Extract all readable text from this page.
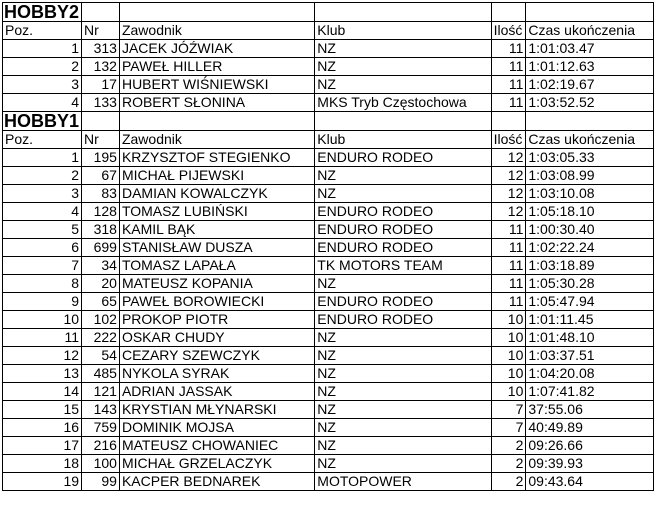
HOBBY2					
Poz.	Nr	Zawodnik	Klub	Ilość	Czas ukończenia
1	313	JACEK JÓŹWIAK	NZ	11	1:01:03.47
2	132	PAWEŁ HILLER	NZ	11	1:01:12.63
3	17	HUBERT WIŚNIEWSKI	NZ	11	1:02:19.67
4	133	ROBERT SŁONINA	MKS Tryb Częstochowa	11	1:03:52.52
HOBBY1					
Poz.	Nr	Zawodnik	Klub	Ilość	Czas ukończenia
1	195	KRZYSZTOF STEGIENKO	ENDURO RODEO	12	1:03:05.33
2	67	MICHAŁ PIJEWSKI	NZ	12	1:03:08.99
3	83	DAMIAN KOWALCZYK	NZ	12	1:03:10.08
4	128	TOMASZ LUBIŃSKI	ENDURO RODEO	12	1:05:18.10
5	318	KAMIL BĄK	ENDURO RODEO	11	1:00:30.40
6	699	STANISŁAW DUSZA	ENDURO RODEO	11	1:02:22.24
7	34	TOMASZ LAPAŁA	TK MOTORS TEAM	11	1:03:18.89
8	20	MATEUSZ KOPANIA	NZ	11	1:05:30.28
9	65	PAWEŁ BOROWIECKI	ENDURO RODEO	11	1:05:47.94
10	102	PROKOP PIOTR	ENDURO RODEO	10	1:01:11.45
11	222	OSKAR CHUDY	NZ	10	1:01:48.10
12	54	CEZARY SZEWCZYK	NZ	10	1:03:37.51
13	485	NYKOLA SYRAK	NZ	10	1:04:20.08
14	121	ADRIAN JASSAK	NZ	10	1:07:41.82
15	143	KRYSTIAN MŁYNARSKI	NZ	7	37:55.06
16	759	DOMINIK MOJSA	NZ	7	40:49.89
17	216	MATEUSZ CHOWANIEC	NZ	2	09:26.66
18	100	MICHAŁ GRZELACZYK	NZ	2	09:39.93
19	99	KACPER BEDNAREK	MOTOPOWER	2	09:43.64
